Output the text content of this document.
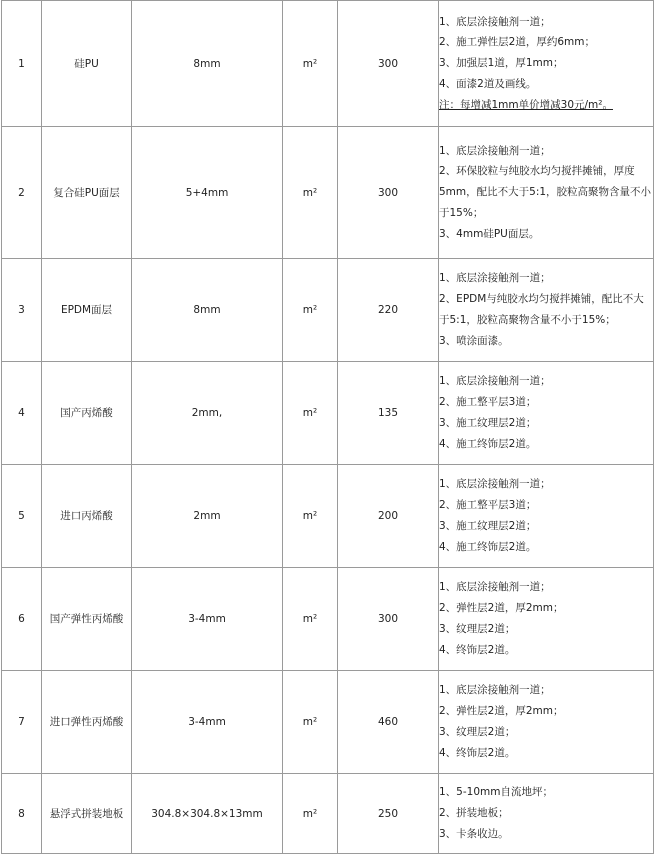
1	硅PU	8mm	m²	300	1、底层涂接触剂一道；
2、施工弹性层2道，厚约6mm；
3、加强层1道，厚1mm；
4、面漆2道及画线。
注：每增减1mm单价增减30元/m²。

2	复合硅PU面层	5+4mm	m²	300	1、底层涂接触剂一道；
2、环保胶粒与纯胶水均匀搅拌摊铺，厚度5mm，配比不大于5:1，胶粒高聚物含量不小于15%；
3、4mm硅PU面层。

3	EPDM面层	8mm	m²	220	1、底层涂接触剂一道；
2、EPDM与纯胶水均匀搅拌摊铺，配比不大于5:1，胶粒高聚物含量不小于15%；
3、喷涂面漆。

4	国产丙烯酸	2mm,	m²	135	1、底层涂接触剂一道；
2、施工整平层3道；
3、施工纹理层2道；
4、施工终饰层2道。

5	进口丙烯酸	2mm	m²	200	1、底层涂接触剂一道；
2、施工整平层3道；
3、施工纹理层2道；
4、施工终饰层2道。

6	国产弹性丙烯酸	3-4mm	m²	300	1、底层涂接触剂一道；
2、弹性层2道，厚2mm；
3、纹理层2道；
4、终饰层2道。

7	进口弹性丙烯酸	3-4mm	m²	460	1、底层涂接触剂一道；
2、弹性层2道，厚2mm；
3、纹理层2道；
4、终饰层2道。

8	悬浮式拼装地板	304.8×304.8×13mm	m²	250	1、5-10mm自流地坪；
2、拼装地板；
3、卡条收边。
